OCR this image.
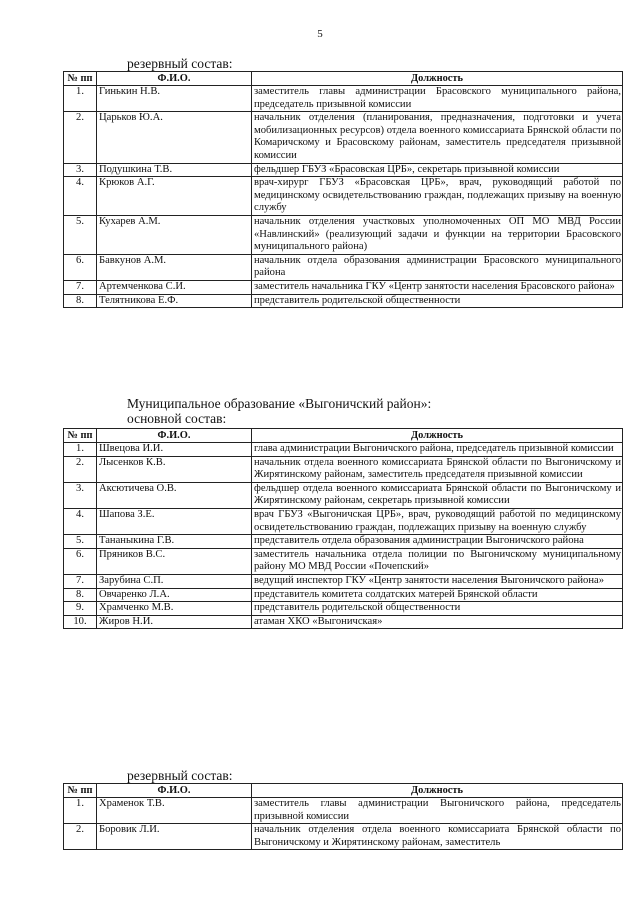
5
резервный состав:
№ пп	Ф.И.О.	Должность
1.	Гинькин Н.В.	заместитель главы администрации Брасовского муниципального района, председатель призывной комиссии
2.	Царьков Ю.А.	начальник отделения (планирования, предназначения, подготовки и учета мобилизационных ресурсов) отдела военного комиссариата Брянской области по Комаричскому и Брасовскому районам, заместитель председателя призывной комиссии
3.	Подушкина Т.В.	фельдшер ГБУЗ «Брасовская ЦРБ», секретарь призывной комиссии
4.	Крюков А.Г.	врач-хирург ГБУЗ «Брасовская ЦРБ», врач, руководящий работой по медицинскому освидетельствованию граждан, подлежащих призыву на военную службу
5.	Кухарев А.М.	начальник отделения участковых уполномоченных ОП МО МВД России «Навлинский» (реализующий задачи и функции на территории Брасовского муниципального района)
6.	Бавкунов А.М.	начальник отдела образования администрации Брасовского муниципального района
7.	Артемченкова С.И.	заместитель начальника ГКУ «Центр занятости населения Брасовского района»
8.	Телятникова Е.Ф.	представитель родительской общественности
Муниципальное образование «Выгоничский район»:
основной состав:
№ пп	Ф.И.О.	Должность
1.	Швецова И.И.	глава администрации Выгоничского района, председатель призывной комиссии
2.	Лысенков К.В.	начальник отдела военного комиссариата Брянской области по Выгоничскому и Жирятинскому районам, заместитель председателя призывной комиссии
3.	Аксютичева О.В.	фельдшер отдела военного комиссариата Брянской области по Выгоничскому и Жирятинскому районам, секретарь призывной комиссии
4.	Шапова З.Е.	врач ГБУЗ «Выгоничская ЦРБ», врач, руководящий работой по медицинскому освидетельствованию граждан, подлежащих призыву на военную службу
5.	Тананыкина Г.В.	представитель отдела образования администрации Выгоничского района
6.	Пряников В.С.	заместитель начальника отдела полиции по Выгоничскому муниципальному району МО МВД России «Почепский»
7.	Зарубина С.П.	ведущий инспектор ГКУ «Центр занятости населения Выгоничского района»
8.	Овчаренко Л.А.	представитель комитета солдатских матерей Брянской области
9.	Храмченко М.В.	представитель родительской общественности
10.	Жиров Н.И.	атаман ХКО «Выгоничская»
резервный состав:
№ пп	Ф.И.О.	Должность
1.	Храменок Т.В.	заместитель главы администрации Выгоничского района, председатель призывной комиссии
2.	Боровик Л.И.	начальник отделения отдела военного комиссариата Брянской области по Выгоничскому и Жирятинскому районам, заместитель
